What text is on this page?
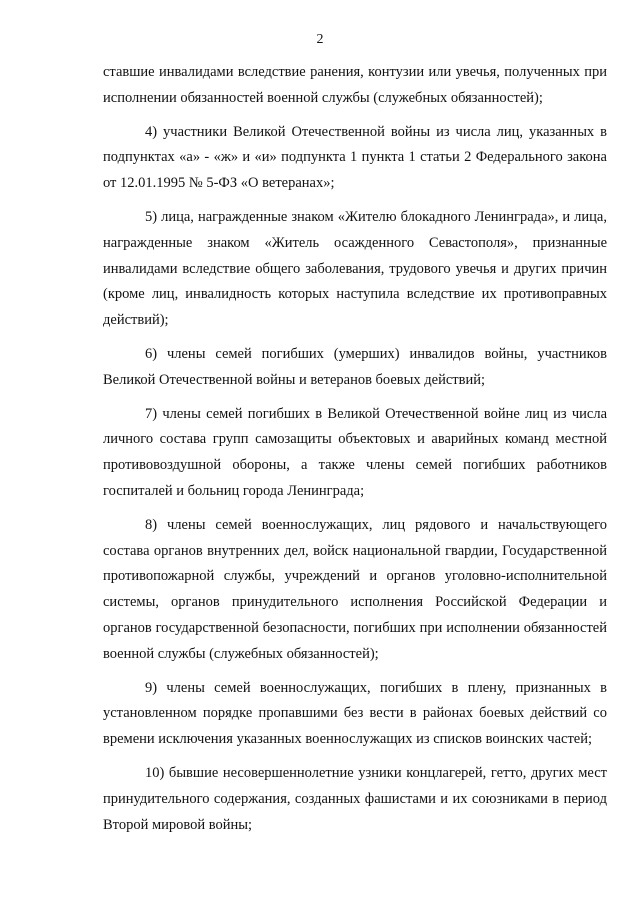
2

ставшие инвалидами вследствие ранения, контузии или увечья, полученных при исполнении обязанностей военной службы (служебных обязанностей);

4) участники Великой Отечественной войны из числа лиц, указанных в подпунктах «а» - «ж» и «и» подпункта 1 пункта 1 статьи 2 Федерального закона от 12.01.1995 № 5-ФЗ «О ветеранах»;

5) лица, награжденные знаком «Жителю блокадного Ленинграда», и лица, награжденные знаком «Житель осажденного Севастополя», признанные инвалидами вследствие общего заболевания, трудового увечья и других причин (кроме лиц, инвалидность которых наступила вследствие их противоправных действий);

6) члены семей погибших (умерших) инвалидов войны, участников Великой Отечественной войны и ветеранов боевых действий;

7) члены семей погибших в Великой Отечественной войне лиц из числа личного состава групп самозащиты объектовых и аварийных команд местной противовоздушной обороны, а также члены семей погибших работников госпиталей и больниц города Ленинграда;

8) члены семей военнослужащих, лиц рядового и начальствующего состава органов внутренних дел, войск национальной гвардии, Государственной противопожарной службы, учреждений и органов уголовно-исполнительной системы, органов принудительного исполнения Российской Федерации и органов государственной безопасности, погибших при исполнении обязанностей военной службы (служебных обязанностей);

9) члены семей военнослужащих, погибших в плену, признанных в установленном порядке пропавшими без вести в районах боевых действий со времени исключения указанных военнослужащих из списков воинских частей;

10) бывшие несовершеннолетние узники концлагерей, гетто, других мест принудительного содержания, созданных фашистами и их союзниками в период Второй мировой войны;
